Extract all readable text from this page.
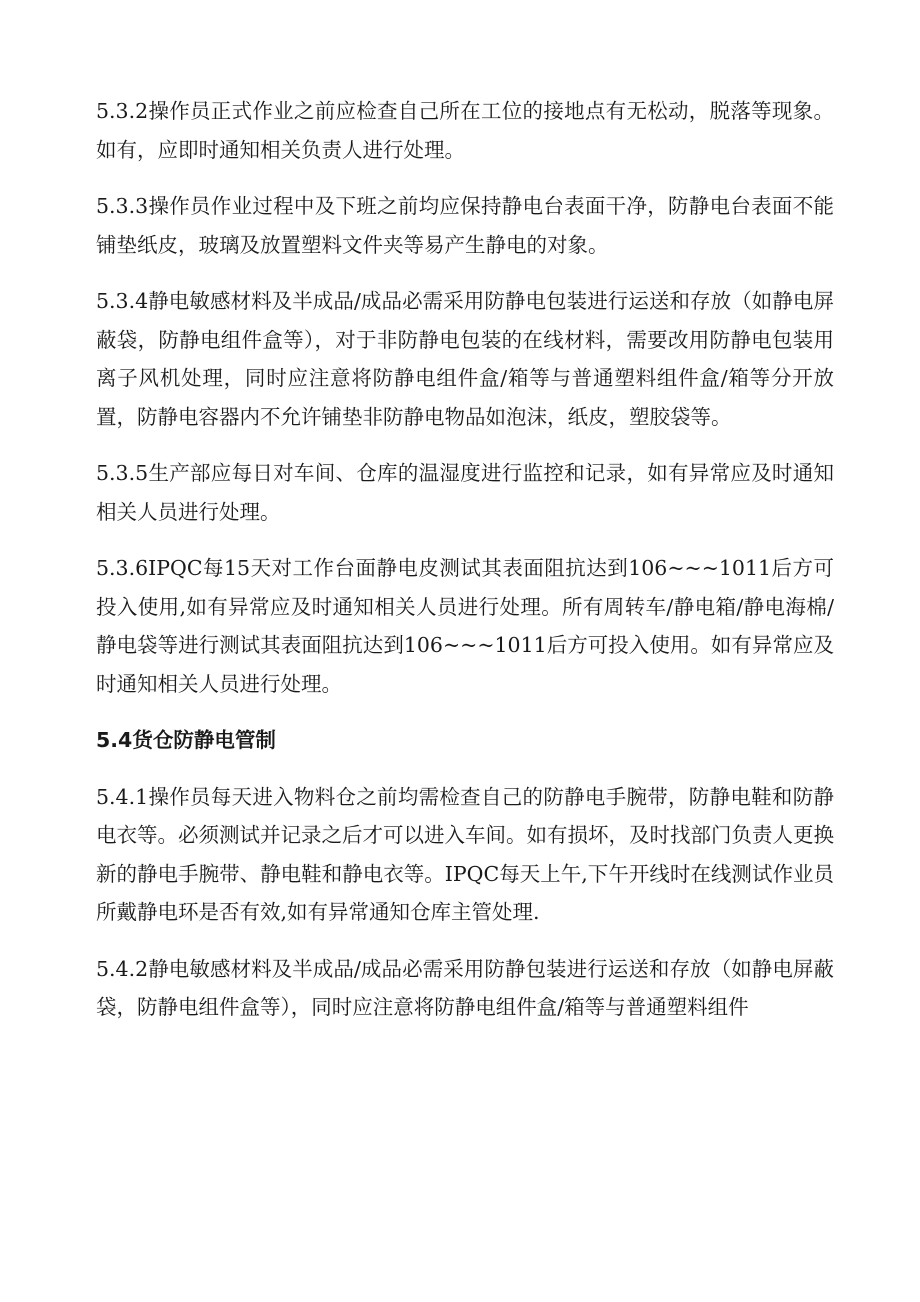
5.3.2操作员正式作业之前应检查自己所在工位的接地点有无松动，脱落等现象。如有，应即时通知相关负责人进行处理。

5.3.3操作员作业过程中及下班之前均应保持静电台表面干净，防静电台表面不能铺垫纸皮，玻璃及放置塑料文件夹等易产生静电的对象。

5.3.4静电敏感材料及半成品/成品必需采用防静电包装进行运送和存放（如静电屏蔽袋，防静电组件盒等），对于非防静电包装的在线材料，需要改用防静电包装用离子风机处理，同时应注意将防静电组件盒/箱等与普通塑料组件盒/箱等分开放置，防静电容器内不允许铺垫非防静电物品如泡沫，纸皮，塑胶袋等。

5.3.5生产部应每日对车间、仓库的温湿度进行监控和记录，如有异常应及时通知相关人员进行处理。

5.3.6IPQC每15天对工作台面静电皮测试其表面阻抗达到106~~~1011后方可投入使用,如有异常应及时通知相关人员进行处理。所有周转车/静电箱/静电海棉/静电袋等进行测试其表面阻抗达到106~~~1011后方可投入使用。如有异常应及时通知相关人员进行处理。

5.4货仓防静电管制

5.4.1操作员每天进入物料仓之前均需检查自己的防静电手腕带，防静电鞋和防静电衣等。必须测试并记录之后才可以进入车间。如有损坏，及时找部门负责人更换新的静电手腕带、静电鞋和静电衣等。IPQC每天上午,下午开线时在线测试作业员所戴静电环是否有效,如有异常通知仓库主管处理.

5.4.2静电敏感材料及半成品/成品必需采用防静包装进行运送和存放（如静电屏蔽袋，防静电组件盒等），同时应注意将防静电组件盒/箱等与普通塑料组件
